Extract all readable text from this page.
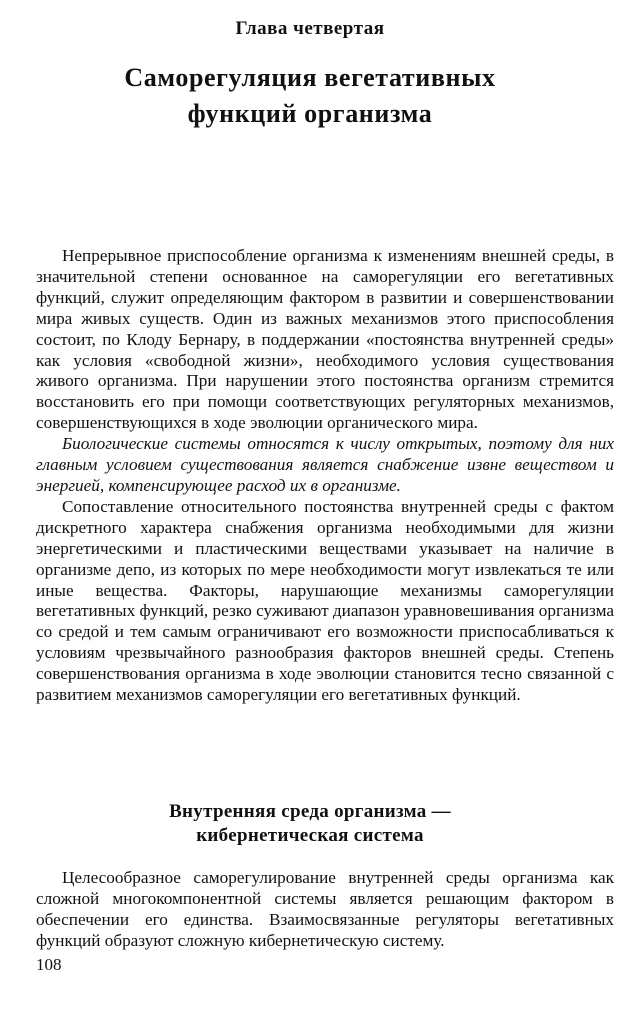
Глава четвертая
Саморегуляция вегетативных
функций организма

Непрерывное приспособление организма к изменениям внешней среды, в значительной степени основанное на саморегуляции его вегетативных функций, служит определяющим фактором в развитии и совершенствовании мира живых существ. Один из важных механизмов этого приспособления состоит, по Клоду Бернару, в поддержании «постоянства внутренней среды» как условия «свободной жизни», необходимого условия существования живого организма. При нарушении этого постоянства организм стремится восстановить его при помощи соответствующих регуляторных механизмов, совершенствующихся в ходе эволюции органического мира.

Биологические системы относятся к числу открытых, поэтому для них главным условием существования является снабжение извне веществом и энергией, компенсирующее расход их в организме.

Сопоставление относительного постоянства внутренней среды с фактом дискретного характера снабжения организма необходимыми для жизни энергетическими и пластическими веществами указывает на наличие в организме депо, из которых по мере необходимости могут извлекаться те или иные вещества. Факторы, нарушающие механизмы саморегуляции вегетативных функций, резко суживают диапазон уравновешивания организма со средой и тем самым ограничивают его возможности приспосабливаться к условиям чрезвычайного разнообразия факторов внешней среды. Степень совершенствования организма в ходе эволюции становится тесно связанной с развитием механизмов саморегуляции его вегетативных функций.

Внутренняя среда организма —
кибернетическая система

Целесообразное саморегулирование внутренней среды организма как сложной многокомпонентной системы является решающим фактором в обеспечении его единства. Взаимосвязанные регуляторы вегетативных функций образуют сложную кибернетическую систему.

108
